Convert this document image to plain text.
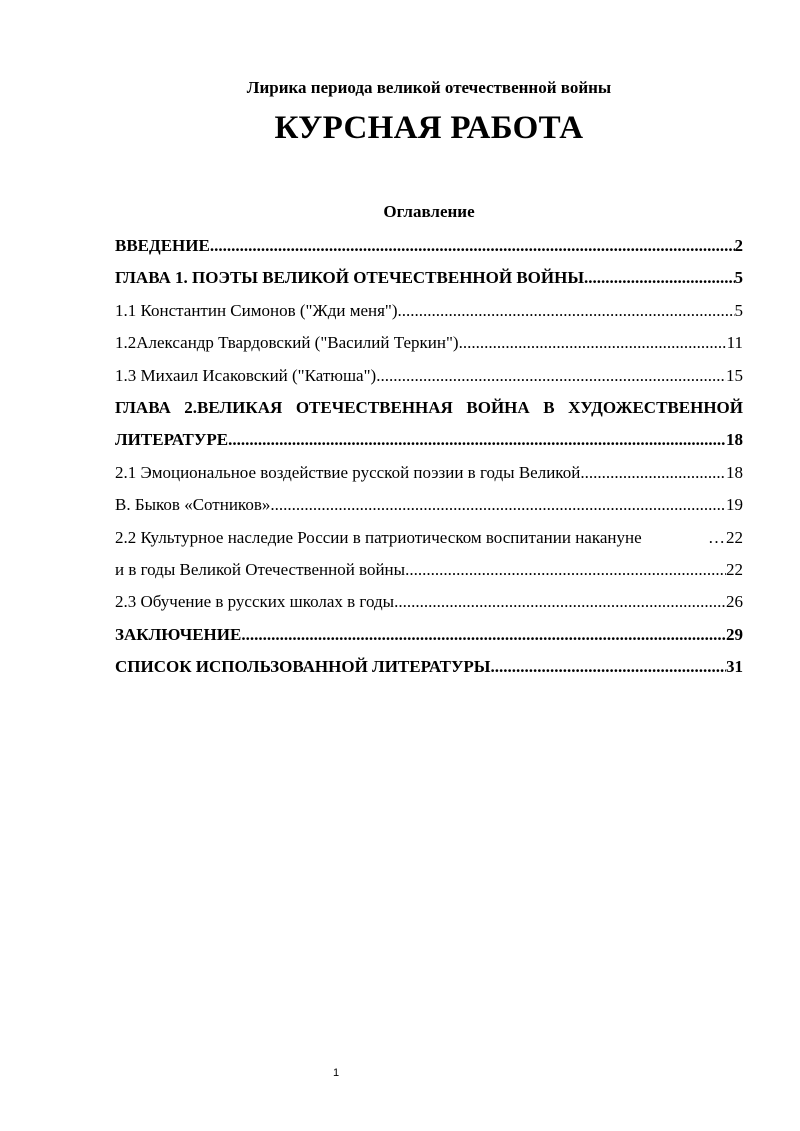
Лирика периода великой отечественной войны
КУРСНАЯ РАБОТА
Оглавление
ВВЕДЕНИЕ .....	2
ГЛАВА 1. ПОЭТЫ ВЕЛИКОЙ ОТЕЧЕСТВЕННОЙ ВОЙНЫ .....	5
1.1 Константин Симонов ("Жди меня") .....	5
1.2Александр Твардовский ("Василий Теркин") .....	11
1.3 Михаил Исаковский ("Катюша") .....	15
ГЛАВА 2.ВЕЛИКАЯ ОТЕЧЕСТВЕННАЯ ВОЙНА В ХУДОЖЕСТВЕННОЙ
ЛИТЕРАТУРЕ .....	18
2.1 Эмоциональное воздействие русской поэзии в годы Великой .....	18
В. Быков «Сотников» .....	19
2.2 Культурное наследие России в патриотическом воспитании накануне	… 22
и в годы Великой Отечественной войны .....	22
2.3 Обучение в русских школах в годы .....	26
ЗАКЛЮЧЕНИЕ .....	29
СПИСОК ИСПОЛЬЗОВАННОЙ ЛИТЕРАТУРЫ .....	31
1
